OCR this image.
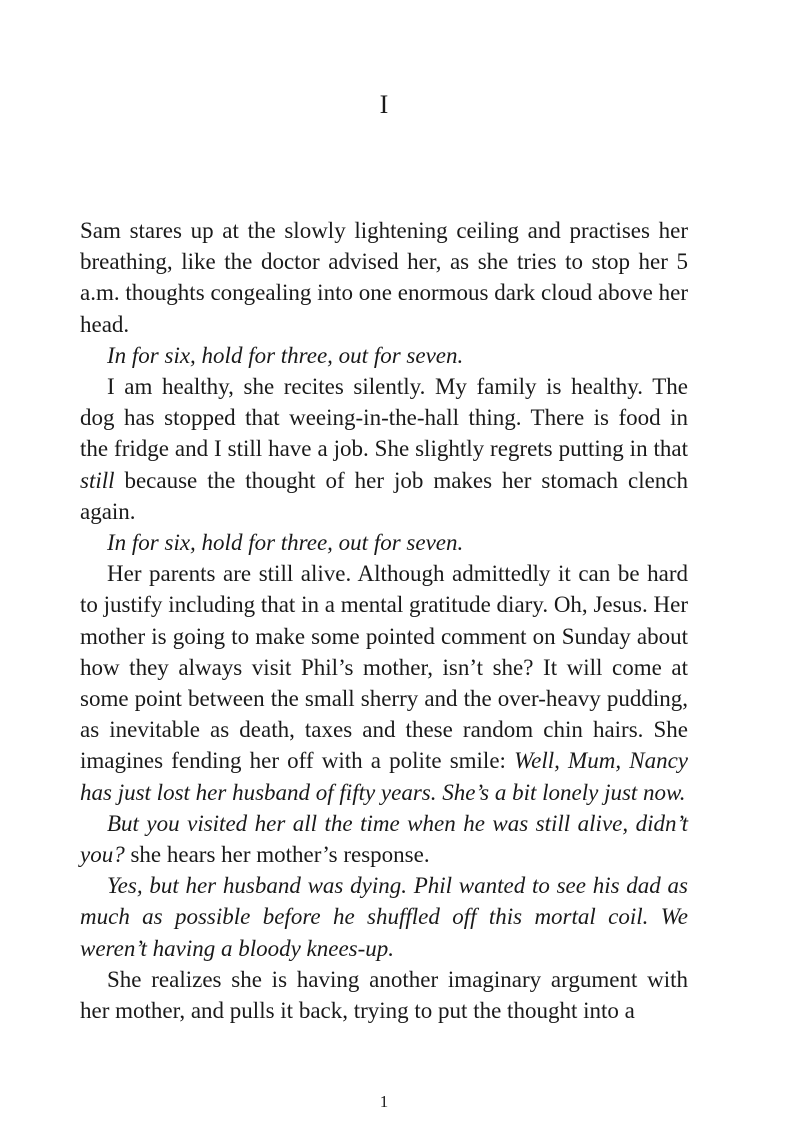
I

Sam stares up at the slowly lightening ceiling and practises her breathing, like the doctor advised her, as she tries to stop her 5 a.m. thoughts congealing into one enormous dark cloud above her head.

In for six, hold for three, out for seven.

I am healthy, she recites silently. My family is healthy. The dog has stopped that weeing-in-the-hall thing. There is food in the fridge and I still have a job. She slightly regrets putting in that still because the thought of her job makes her stomach clench again.

In for six, hold for three, out for seven.

Her parents are still alive. Although admittedly it can be hard to justify including that in a mental gratitude diary. Oh, Jesus. Her mother is going to make some pointed comment on Sunday about how they always visit Phil’s mother, isn’t she? It will come at some point between the small sherry and the over-heavy pudding, as inevitable as death, taxes and these random chin hairs. She imagines fending her off with a polite smile: Well, Mum, Nancy has just lost her husband of fifty years. She’s a bit lonely just now.

But you visited her all the time when he was still alive, didn’t you? she hears her mother’s response.

Yes, but her husband was dying. Phil wanted to see his dad as much as possible before he shuffled off this mortal coil. We weren’t having a bloody knees-up.

She realizes she is having another imaginary argument with her mother, and pulls it back, trying to put the thought into a

1
